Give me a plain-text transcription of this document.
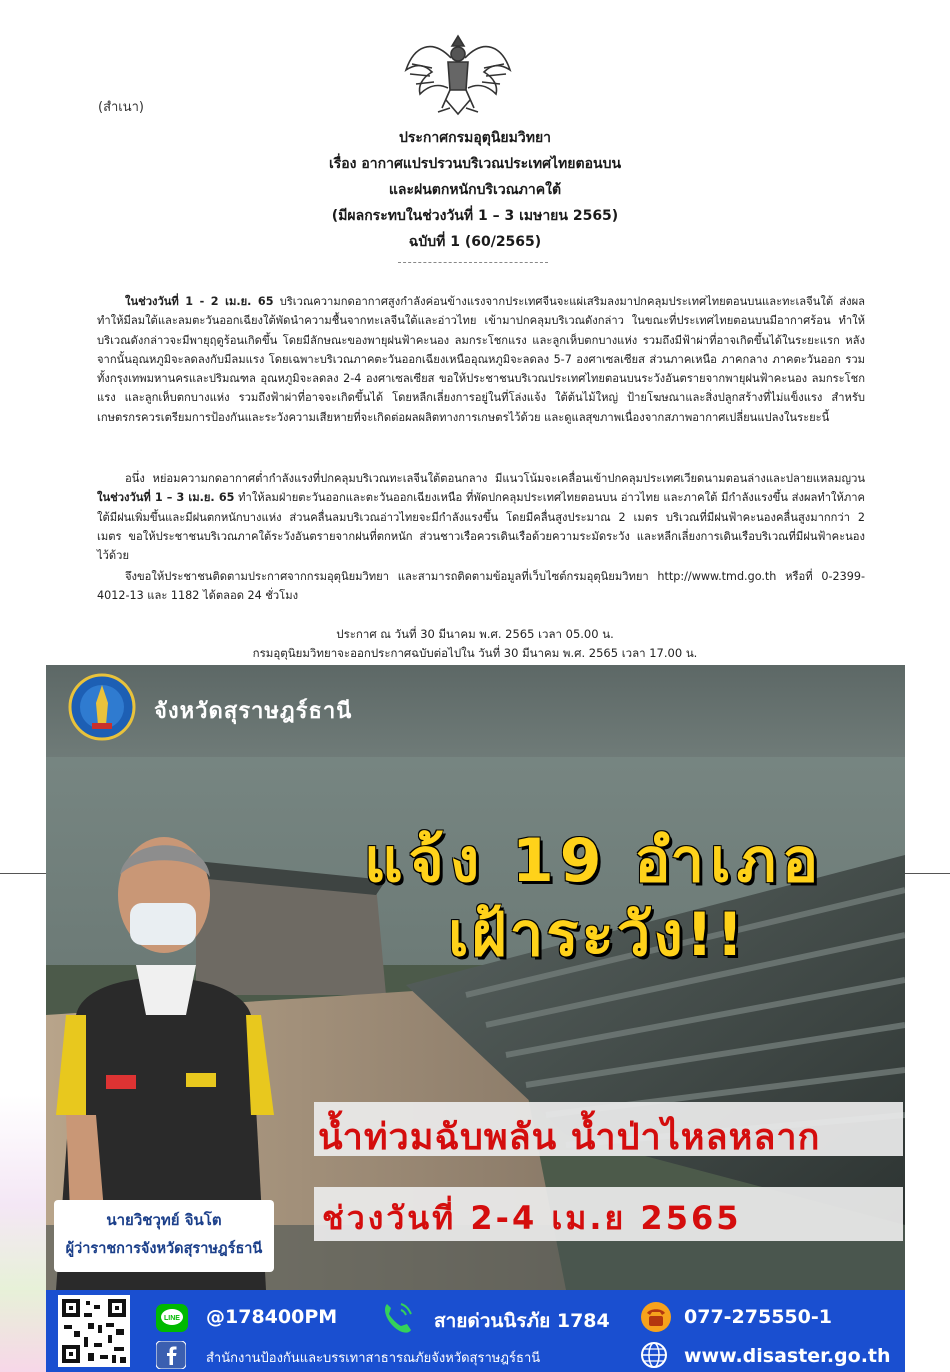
(สำเนา)
ประกาศกรมอุตุนิยมวิทยา
เรื่อง อากาศแปรปรวนบริเวณประเทศไทยตอนบน
และฝนตกหนักบริเวณภาคใต้
(มีผลกระทบในช่วงวันที่ 1 – 3 เมษายน 2565)
ฉบับที่ 1 (60/2565)
ในช่วงวันที่ 1 - 2 เม.ย. 65 บริเวณความกดอากาศสูงกำลังค่อนข้างแรงจากประเทศจีนจะแผ่เสริมลงมาปกคลุมประเทศไทยตอนบนและทะเลจีนใต้ ส่งผลทำให้มีลมใต้และลมตะวันออกเฉียงใต้พัดนำความชื้นจากทะเลจีนใต้และอ่าวไทย เข้ามาปกคลุมบริเวณดังกล่าว ในขณะที่ประเทศไทยตอนบนมีอากาศร้อน ทำให้บริเวณดังกล่าวจะมีพายุฤดูร้อนเกิดขึ้น โดยมีลักษณะของพายุฝนฟ้าคะนอง ลมกระโชกแรง และลูกเห็บตกบางแห่ง รวมถึงมีฟ้าผ่าที่อาจเกิดขึ้นได้ในระยะแรก หลังจากนั้นอุณหภูมิจะลดลงกับมีลมแรง โดยเฉพาะบริเวณภาคตะวันออกเฉียงเหนืออุณหภูมิจะลดลง 5-7 องศาเซลเซียส ส่วนภาคเหนือ ภาคกลาง ภาคตะวันออก รวมทั้งกรุงเทพมหานครและปริมณฑล อุณหภูมิจะลดลง 2-4 องศาเซลเซียส ขอให้ประชาชนบริเวณประเทศไทยตอนบนระวังอันตรายจากพายุฝนฟ้าคะนอง ลมกระโชกแรง และลูกเห็บตกบางแห่ง รวมถึงฟ้าผ่าที่อาจจะเกิดขึ้นได้ โดยหลีกเลี่ยงการอยู่ในที่โล่งแจ้ง ใต้ต้นไม้ใหญ่ ป้ายโฆษณาและสิ่งปลูกสร้างที่ไม่แข็งแรง สำหรับเกษตรกรควรเตรียมการป้องกันและระวังความเสียหายที่จะเกิดต่อผลผลิตทางการเกษตรไว้ด้วย และดูแลสุขภาพเนื่องจากสภาพอากาศเปลี่ยนแปลงในระยะนี้
อนึ่ง หย่อมความกดอากาศต่ำกำลังแรงที่ปกคลุมบริเวณทะเลจีนใต้ตอนกลาง มีแนวโน้มจะเคลื่อนเข้าปกคลุมประเทศเวียดนามตอนล่างและปลายแหลมญวน ในช่วงวันที่ 1 – 3 เม.ย. 65 ทำให้ลมฝ่ายตะวันออกและตะวันออกเฉียงเหนือ ที่พัดปกคลุมประเทศไทยตอนบน อ่าวไทย และภาคใต้ มีกำลังแรงขึ้น ส่งผลทำให้ภาคใต้มีฝนเพิ่มขึ้นและมีฝนตกหนักบางแห่ง ส่วนคลื่นลมบริเวณอ่าวไทยจะมีกำลังแรงขึ้น โดยมีคลื่นสูงประมาณ 2 เมตร บริเวณที่มีฝนฟ้าคะนองคลื่นสูงมากกว่า 2 เมตร ขอให้ประชาชนบริเวณภาคใต้ระวังอันตรายจากฝนที่ตกหนัก ส่วนชาวเรือควรเดินเรือด้วยความระมัดระวัง และหลีกเลี่ยงการเดินเรือบริเวณที่มีฝนฟ้าคะนองไว้ด้วย
จึงขอให้ประชาชนติดตามประกาศจากกรมอุตุนิยมวิทยา และสามารถติดตามข้อมูลที่เว็บไซต์กรมอุตุนิยมวิทยา http://www.tmd.go.th หรือที่ 0-2399-4012-13 และ 1182 ได้ตลอด 24 ชั่วโมง
ประกาศ ณ วันที่ 30 มีนาคม พ.ศ. 2565 เวลา 05.00 น.
กรมอุตุนิยมวิทยาจะออกประกาศฉบับต่อไปใน วันที่ 30 มีนาคม พ.ศ. 2565 เวลา 17.00 น.
จังหวัดสุราษฎร์ธานี
แจ้ง 19 อำเภอ
เฝ้าระวัง!!
น้ำท่วมฉับพลัน น้ำป่าไหลหลาก
ช่วงวันที่ 2-4 เม.ย 2565
นายวิชวุทย์ จินโต
ผู้ว่าราชการจังหวัดสุราษฎร์ธานี
LINE @178400PM	สายด่วนนิรภัย 1784	077-275550-1
สำนักงานป้องกันและบรรเทาสาธารณภัยจังหวัดสุราษฎร์ธานี	www.disaster.go.th
